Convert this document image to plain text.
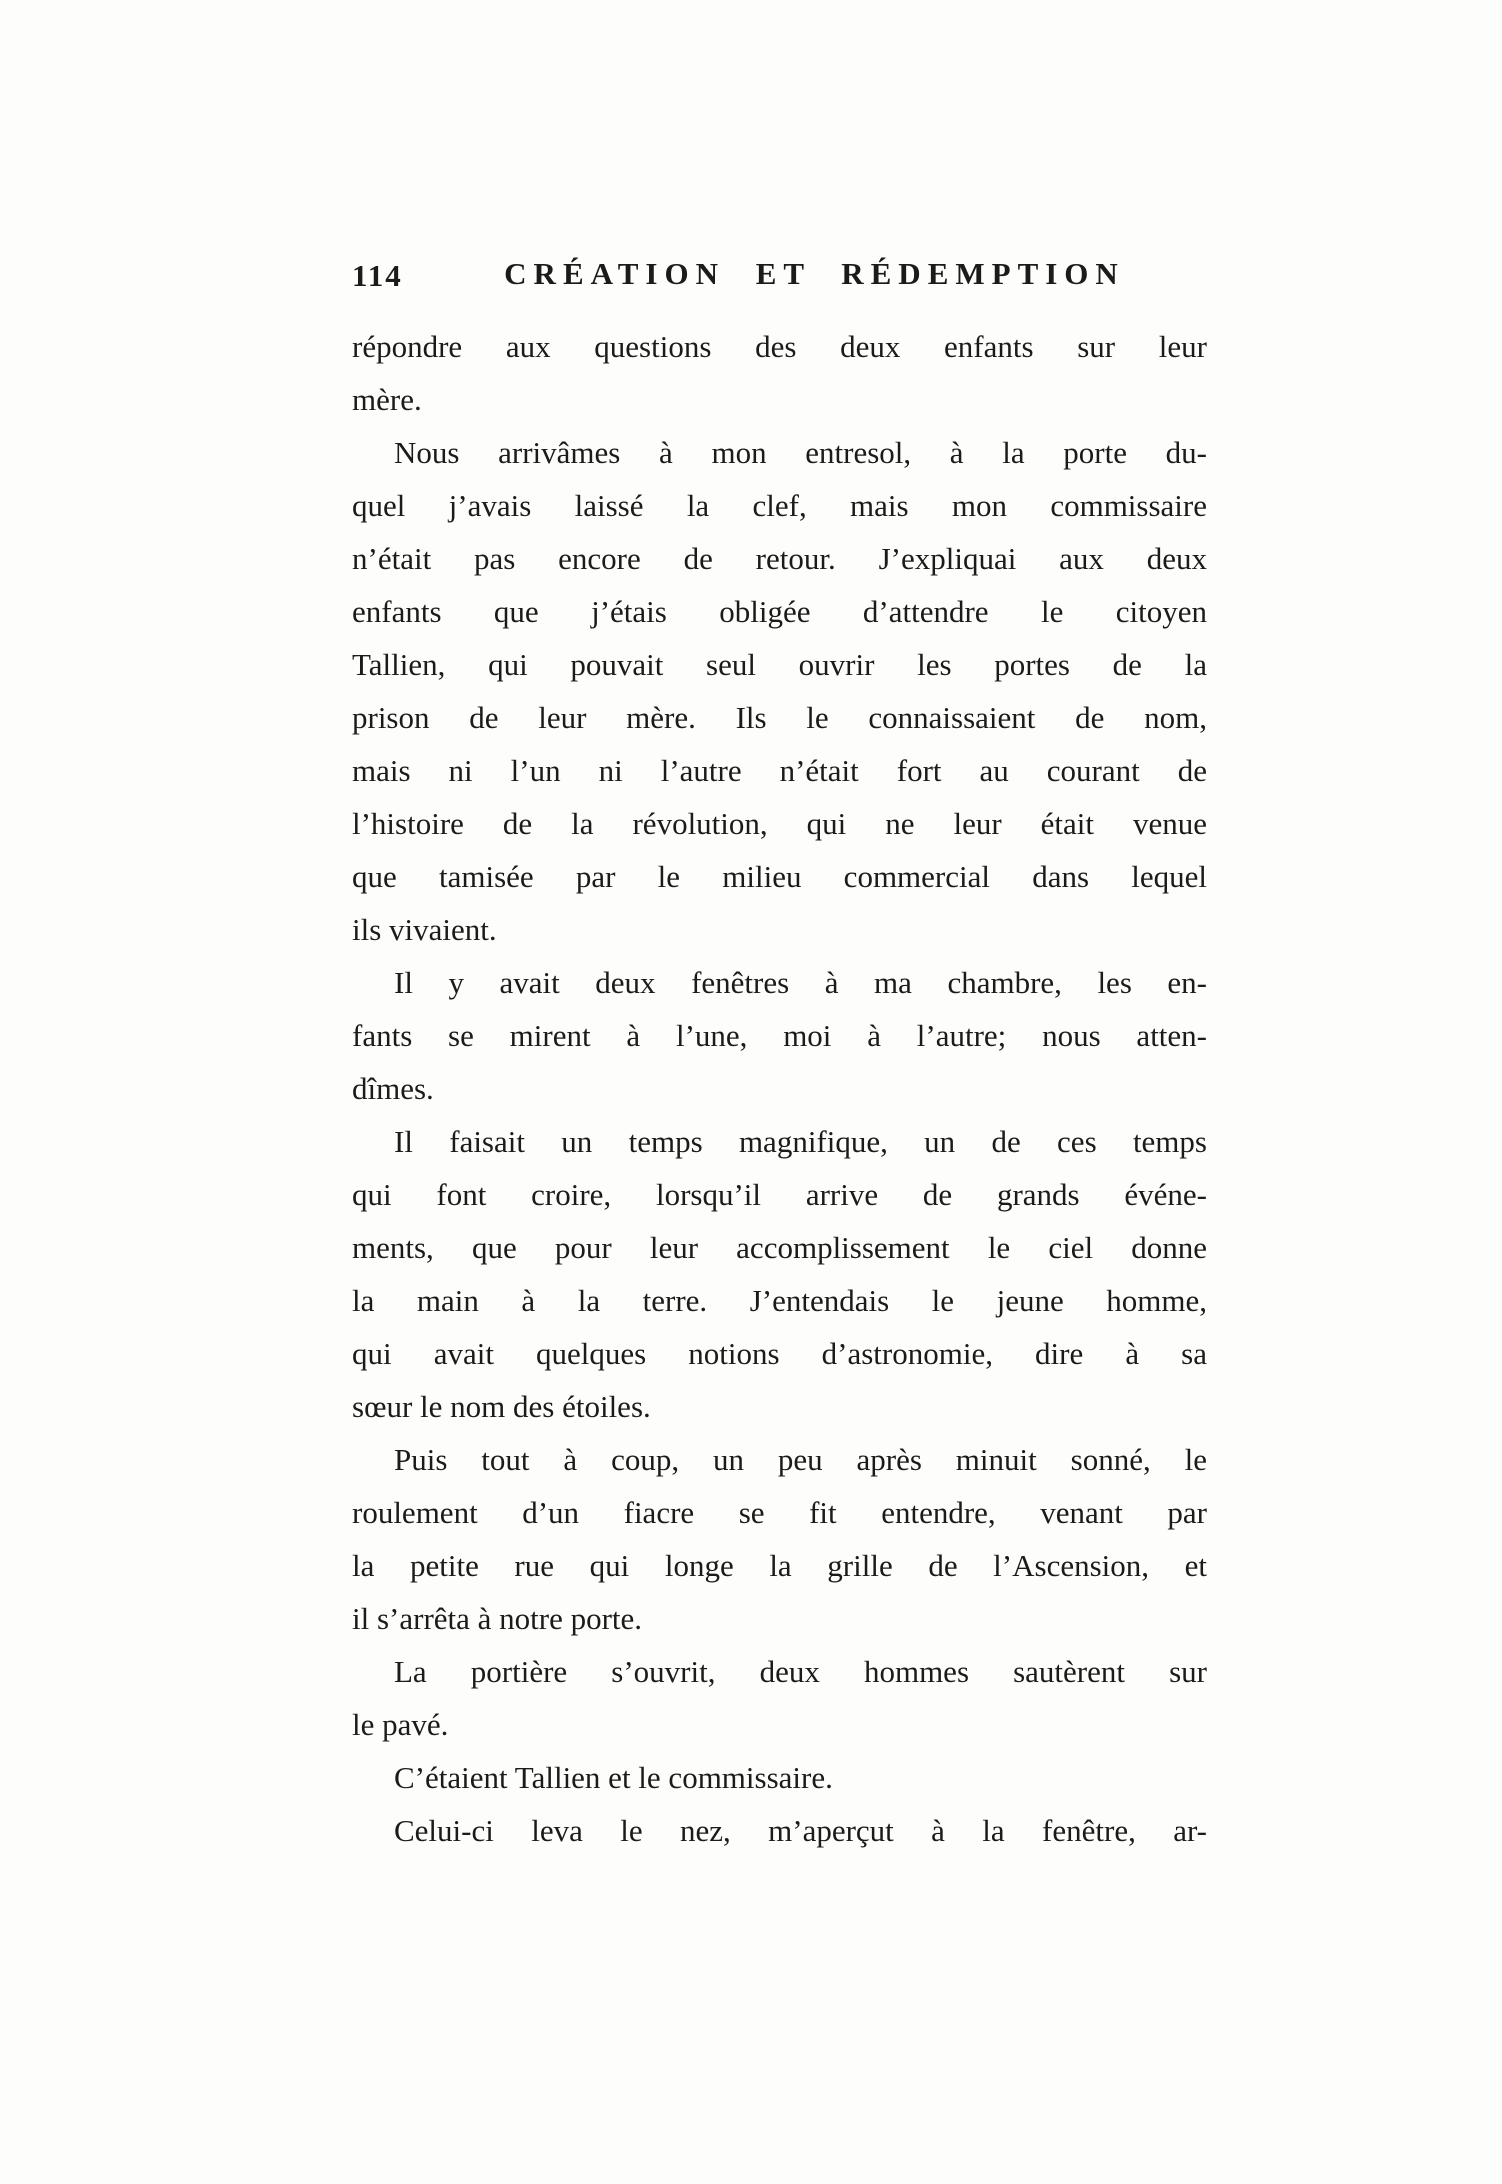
114	CRÉATION ET RÉDEMPTION
répondre aux questions des deux enfants sur leur
mère.
Nous arrivâmes à mon entresol, à la porte du-
quel j’avais laissé la clef, mais mon commissaire
n’était pas encore de retour. J’expliquai aux deux
enfants que j’étais obligée d’attendre le citoyen
Tallien, qui pouvait seul ouvrir les portes de la
prison de leur mère. Ils le connaissaient de nom,
mais ni l’un ni l’autre n’était fort au courant de
l’histoire de la révolution, qui ne leur était venue
que tamisée par le milieu commercial dans lequel
ils vivaient.
Il y avait deux fenêtres à ma chambre, les en-
fants se mirent à l’une, moi à l’autre; nous atten-
dîmes.
Il faisait un temps magnifique, un de ces temps
qui font croire, lorsqu’il arrive de grands événe-
ments, que pour leur accomplissement le ciel donne
la main à la terre. J’entendais le jeune homme,
qui avait quelques notions d’astronomie, dire à sa
sœur le nom des étoiles.
Puis tout à coup, un peu après minuit sonné, le
roulement d’un fiacre se fit entendre, venant par
la petite rue qui longe la grille de l’Ascension, et
il s’arrêta à notre porte.
La portière s’ouvrit, deux hommes sautèrent sur
le pavé.
C’étaient Tallien et le commissaire.
Celui-ci leva le nez, m’aperçut à la fenêtre, ar-
